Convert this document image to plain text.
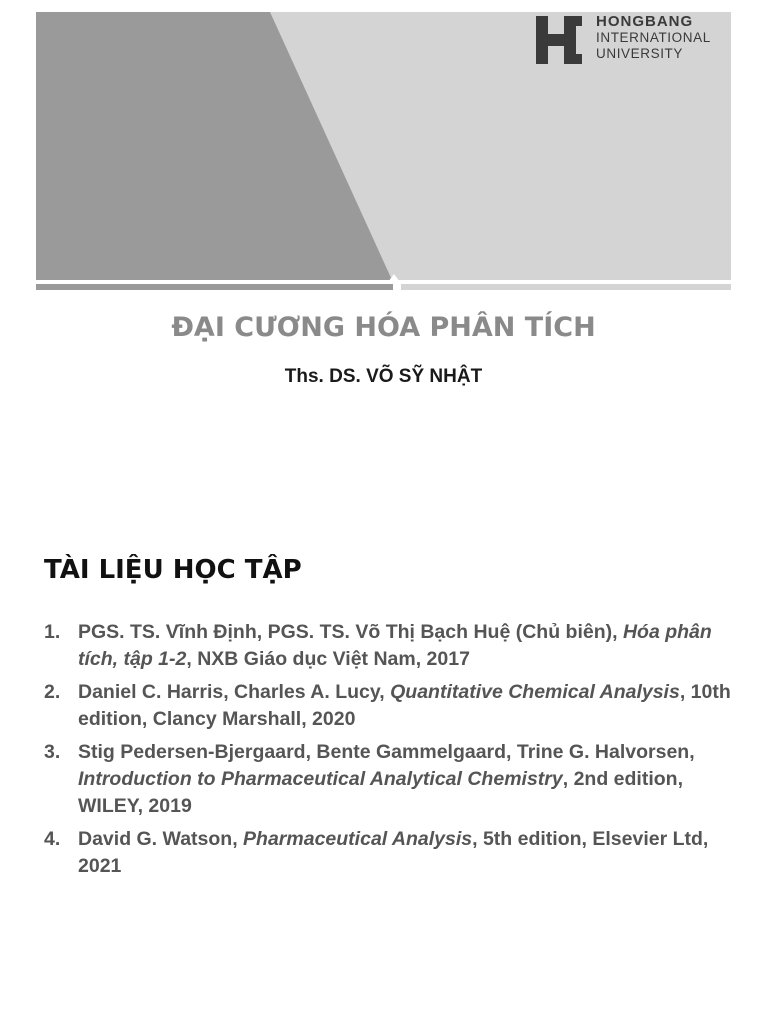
HONGBANG
INTERNATIONAL
UNIVERSITY
ĐẠI CƯƠNG HÓA PHÂN TÍCH
Ths. DS. VÕ SỸ NHẬT
TÀI LIỆU HỌC TẬP
1. PGS. TS. Vĩnh Định, PGS. TS. Võ Thị Bạch Huệ (Chủ biên), Hóa phân tích, tập 1-2, NXB Giáo dục Việt Nam, 2017
2. Daniel C. Harris, Charles A. Lucy, Quantitative Chemical Analysis, 10th edition, Clancy Marshall, 2020
3. Stig Pedersen-Bjergaard, Bente Gammelgaard, Trine G. Halvorsen, Introduction to Pharmaceutical Analytical Chemistry, 2nd edition, WILEY, 2019
4. David G. Watson, Pharmaceutical Analysis, 5th edition, Elsevier Ltd, 2021
